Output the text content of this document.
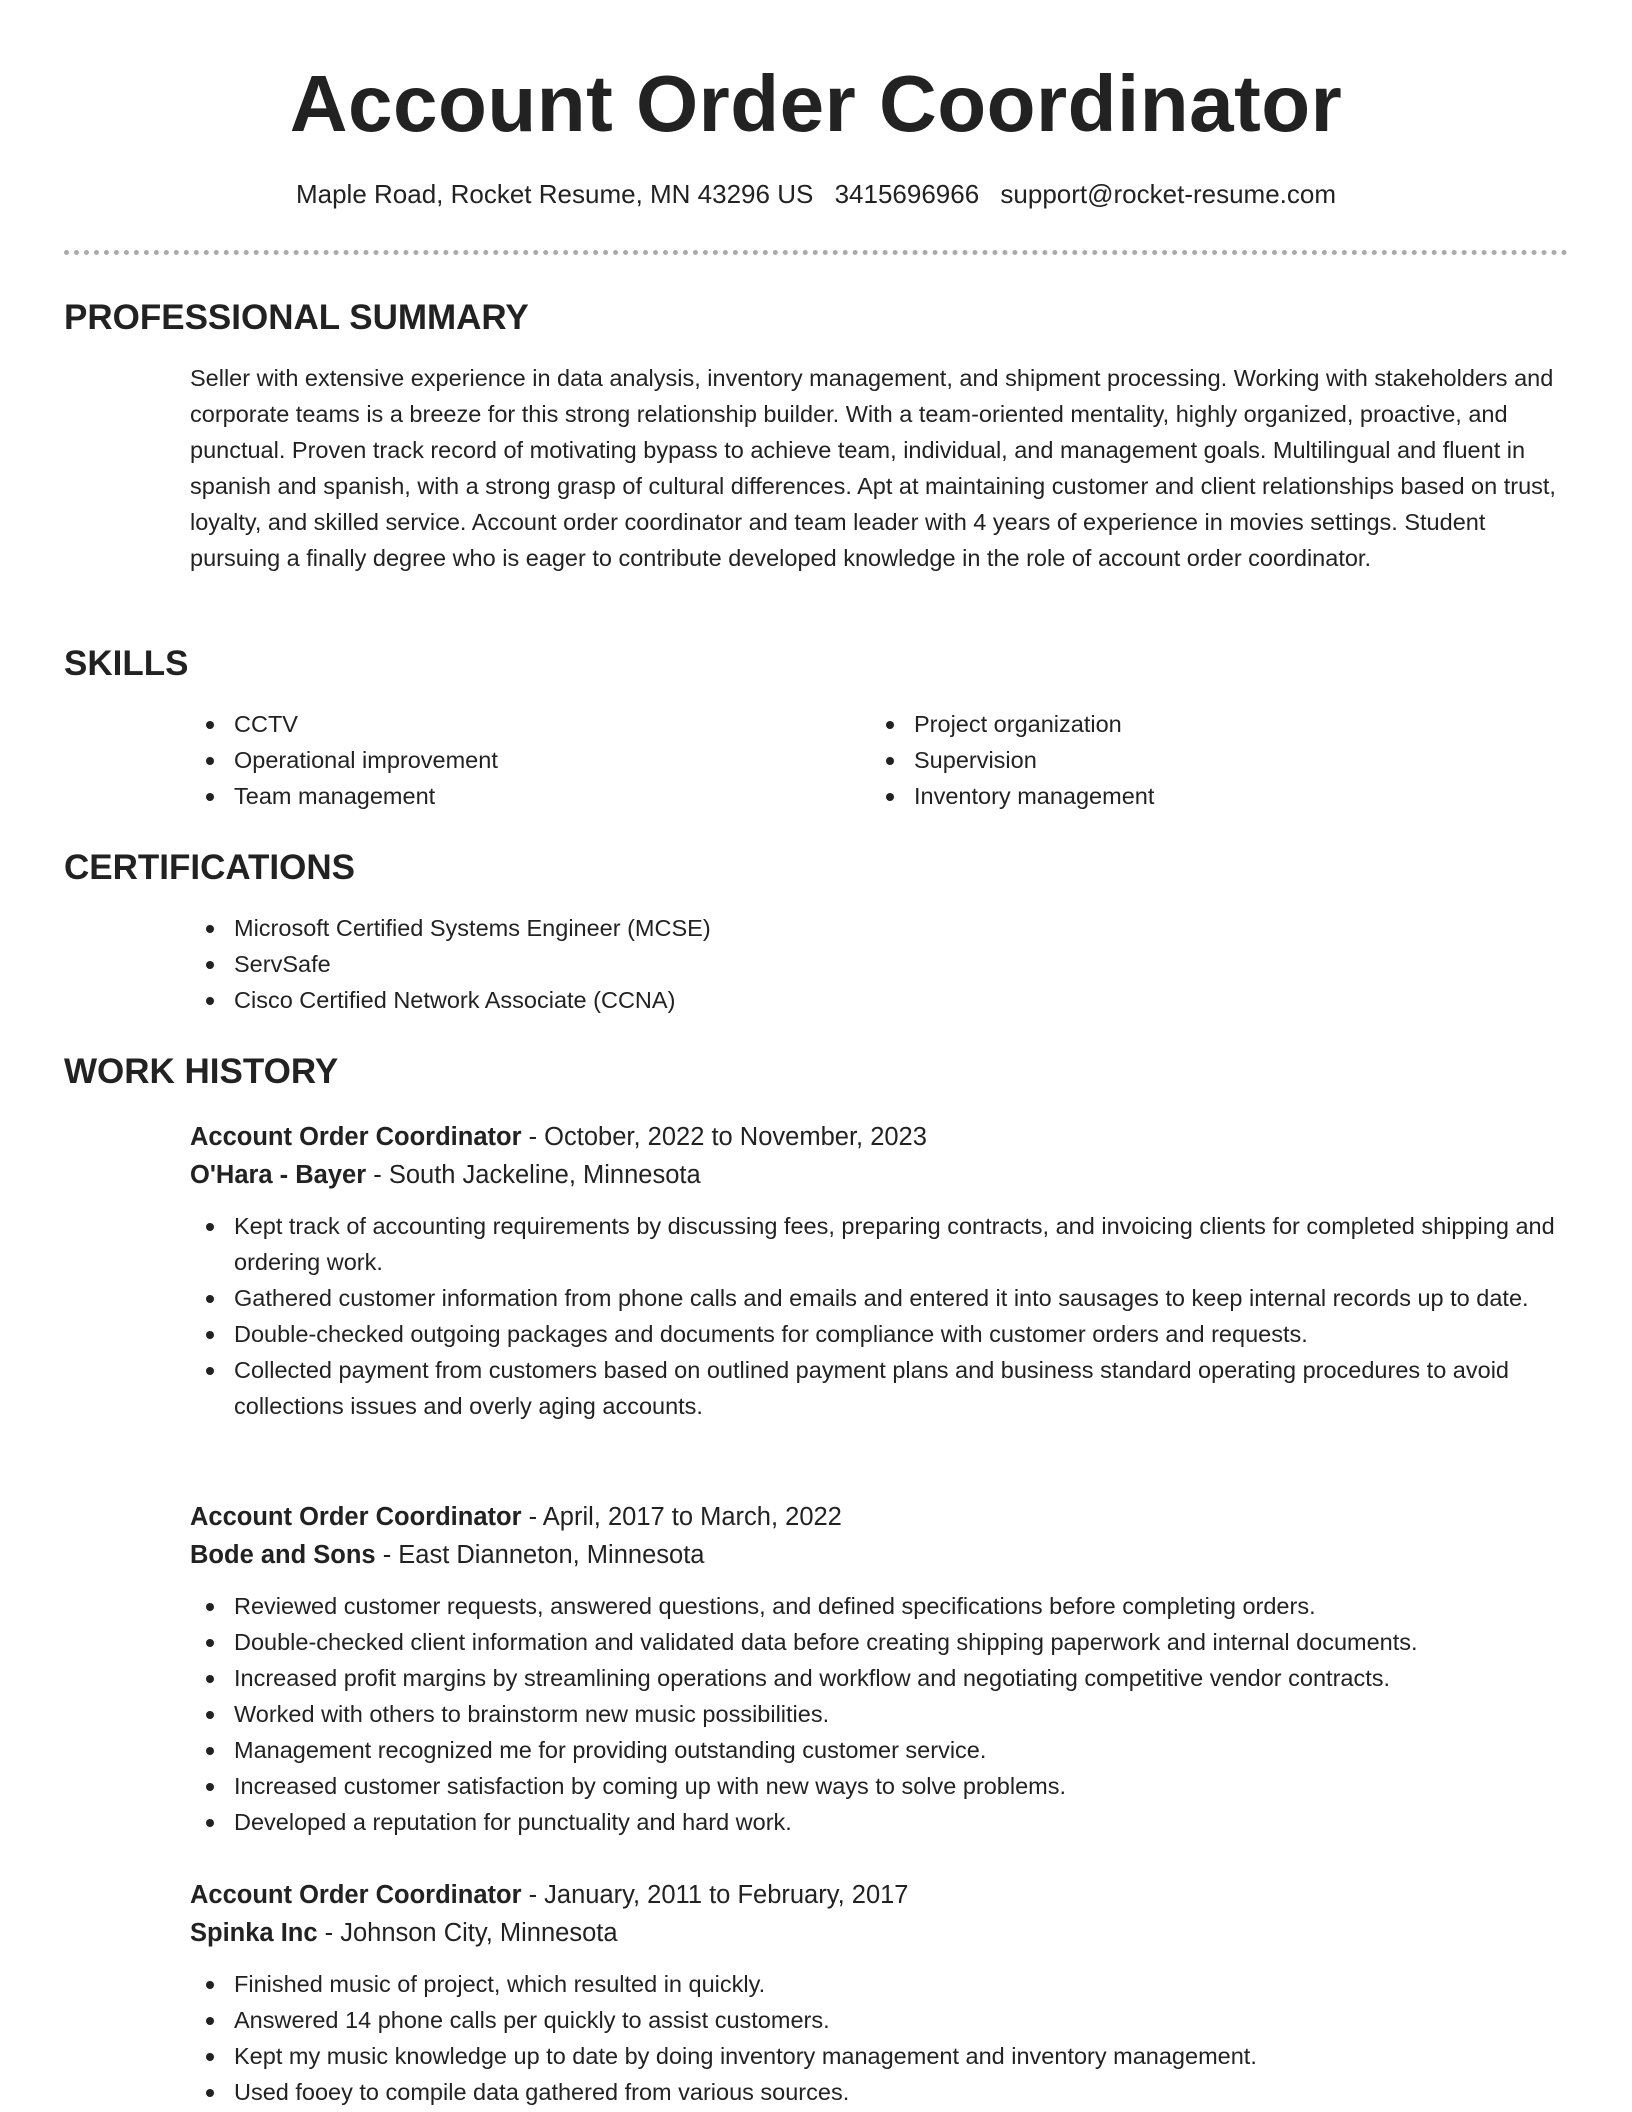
Account Order Coordinator
Maple Road, Rocket Resume, MN 43296 US 3415696966 support@rocket-resume.com
PROFESSIONAL SUMMARY
Seller with extensive experience in data analysis, inventory management, and shipment processing. Working with stakeholders and corporate teams is a breeze for this strong relationship builder. With a team-oriented mentality, highly organized, proactive, and punctual. Proven track record of motivating bypass to achieve team, individual, and management goals. Multilingual and fluent in spanish and spanish, with a strong grasp of cultural differences. Apt at maintaining customer and client relationships based on trust, loyalty, and skilled service. Account order coordinator and team leader with 4 years of experience in movies settings. Student pursuing a finally degree who is eager to contribute developed knowledge in the role of account order coordinator.
SKILLS
CCTV
Operational improvement
Team management
Project organization
Supervision
Inventory management
CERTIFICATIONS
Microsoft Certified Systems Engineer (MCSE)
ServSafe
Cisco Certified Network Associate (CCNA)
WORK HISTORY
Account Order Coordinator - October, 2022 to November, 2023
O'Hara - Bayer - South Jackeline, Minnesota
Kept track of accounting requirements by discussing fees, preparing contracts, and invoicing clients for completed shipping and ordering work.
Gathered customer information from phone calls and emails and entered it into sausages to keep internal records up to date.
Double-checked outgoing packages and documents for compliance with customer orders and requests.
Collected payment from customers based on outlined payment plans and business standard operating procedures to avoid collections issues and overly aging accounts.
Account Order Coordinator - April, 2017 to March, 2022
Bode and Sons - East Dianneton, Minnesota
Reviewed customer requests, answered questions, and defined specifications before completing orders.
Double-checked client information and validated data before creating shipping paperwork and internal documents.
Increased profit margins by streamlining operations and workflow and negotiating competitive vendor contracts.
Worked with others to brainstorm new music possibilities.
Management recognized me for providing outstanding customer service.
Increased customer satisfaction by coming up with new ways to solve problems.
Developed a reputation for punctuality and hard work.
Account Order Coordinator - January, 2011 to February, 2017
Spinka Inc - Johnson City, Minnesota
Finished music of project, which resulted in quickly.
Answered 14 phone calls per quickly to assist customers.
Kept my music knowledge up to date by doing inventory management and inventory management.
Used fooey to compile data gathered from various sources.
